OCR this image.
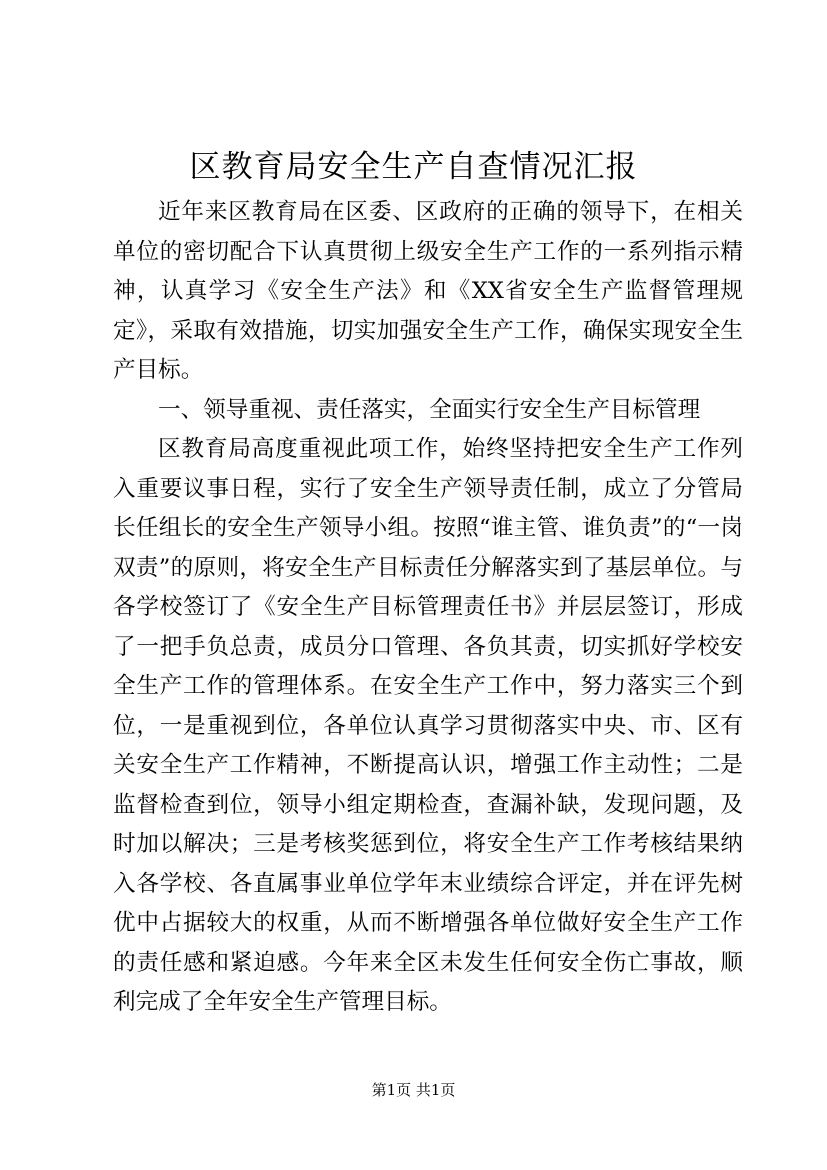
区教育局安全生产自查情况汇报

近年来区教育局在区委、区政府的正确的领导下，在相关单位的密切配合下认真贯彻上级安全生产工作的一系列指示精神，认真学习《安全生产法》和《XX省安全生产监督管理规定》，采取有效措施，切实加强安全生产工作，确保实现安全生产目标。

一、领导重视、责任落实，全面实行安全生产目标管理

区教育局高度重视此项工作，始终坚持把安全生产工作列入重要议事日程，实行了安全生产领导责任制，成立了分管局长任组长的安全生产领导小组。按照“谁主管、谁负责”的“一岗双责”的原则，将安全生产目标责任分解落实到了基层单位。与各学校签订了《安全生产目标管理责任书》并层层签订，形成了一把手负总责，成员分口管理、各负其责，切实抓好学校安全生产工作的管理体系。在安全生产工作中，努力落实三个到位，一是重视到位，各单位认真学习贯彻落实中央、市、区有关安全生产工作精神，不断提高认识，增强工作主动性；二是监督检查到位，领导小组定期检查，查漏补缺，发现问题，及时加以解决；三是考核奖惩到位，将安全生产工作考核结果纳入各学校、各直属事业单位学年末业绩综合评定，并在评先树优中占据较大的权重，从而不断增强各单位做好安全生产工作的责任感和紧迫感。今年来全区未发生任何安全伤亡事故，顺利完成了全年安全生产管理目标。

第1页 共1页
